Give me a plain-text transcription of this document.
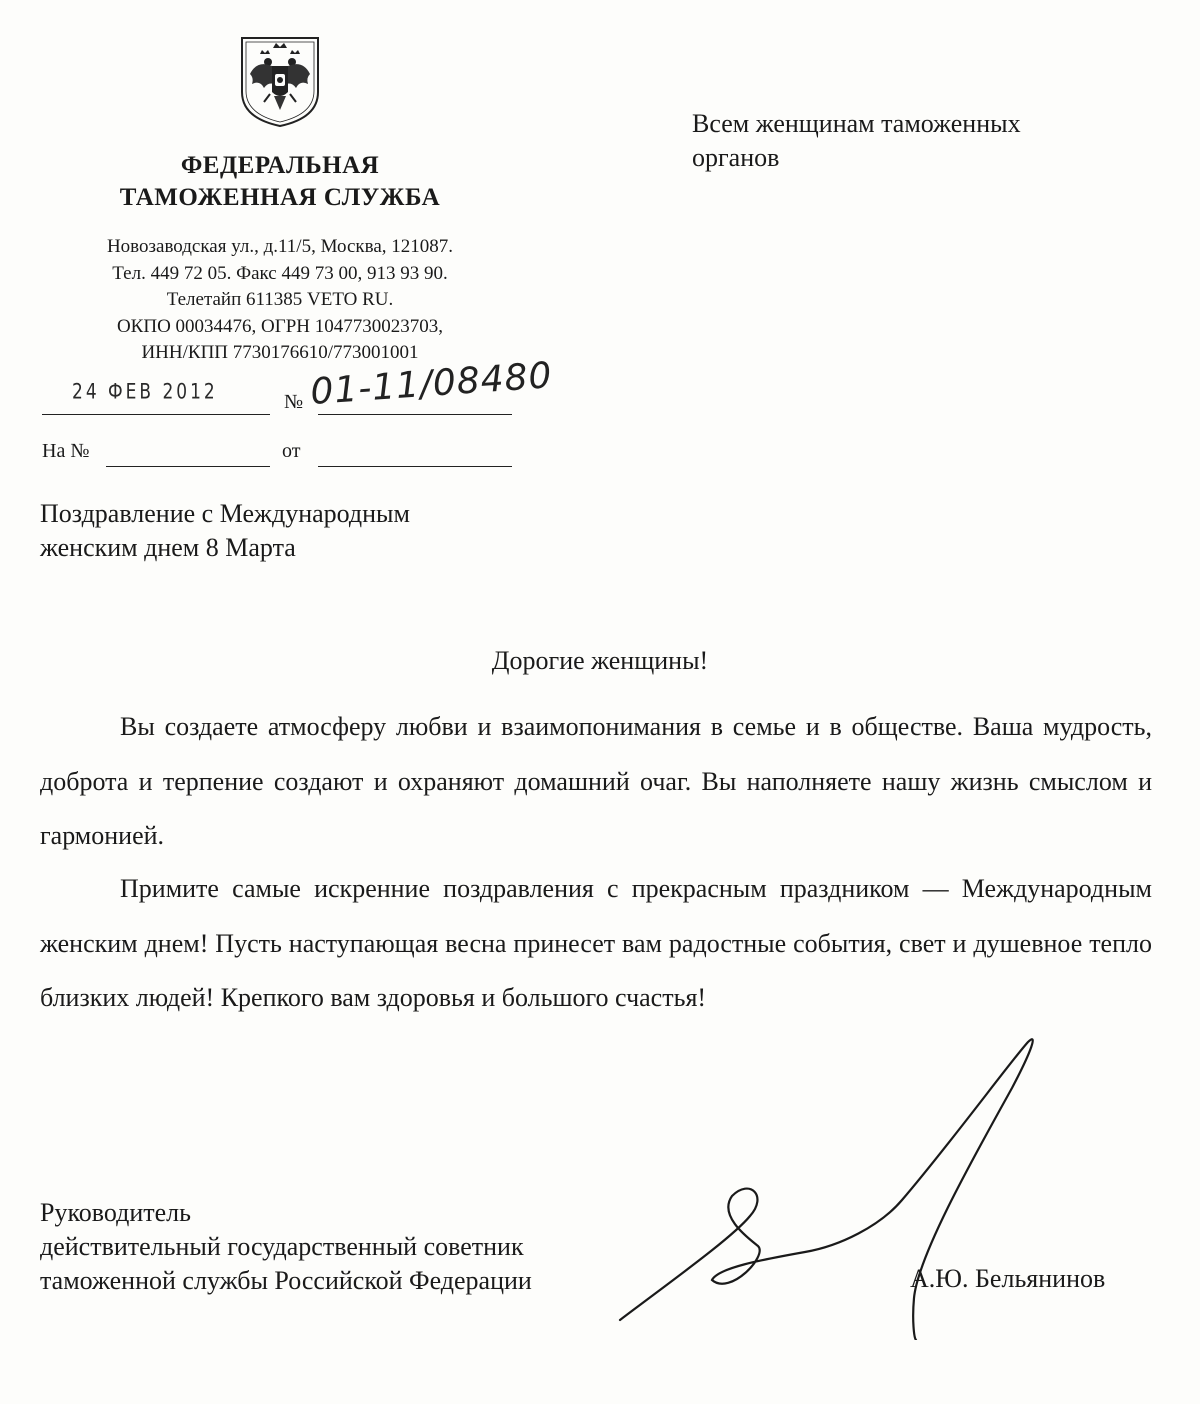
ФЕДЕРАЛЬНАЯ
ТАМОЖЕННАЯ СЛУЖБА
Новозаводская ул., д.11/5, Москва, 121087.
Тел. 449 72 05. Факс 449 73 00, 913 93 90.
Телетайп 611385 VETO RU.
ОКПО 00034476, ОГРН 1047730023703,
ИНН/КПП 7730176610/773001001
24 ФЕВ 2012	№ 01-11/08480
На №	от
Всем женщинам таможенных
органов
Поздравление с Международным
женским днем 8 Марта
Дорогие женщины!

Вы создаете атмосферу любви и взаимопонимания в семье и в обществе. Ваша мудрость, доброта и терпение создают и охраняют домашний очаг. Вы наполняете нашу жизнь смыслом и гармонией.

Примите самые искренние поздравления с прекрасным праздником — Международным женским днем! Пусть наступающая весна принесет вам радостные события, свет и душевное тепло близких людей! Крепкого вам здоровья и большого счастья!

Руководитель
действительный государственный советник
таможенной службы Российской Федерации	А.Ю. Бельянинов
